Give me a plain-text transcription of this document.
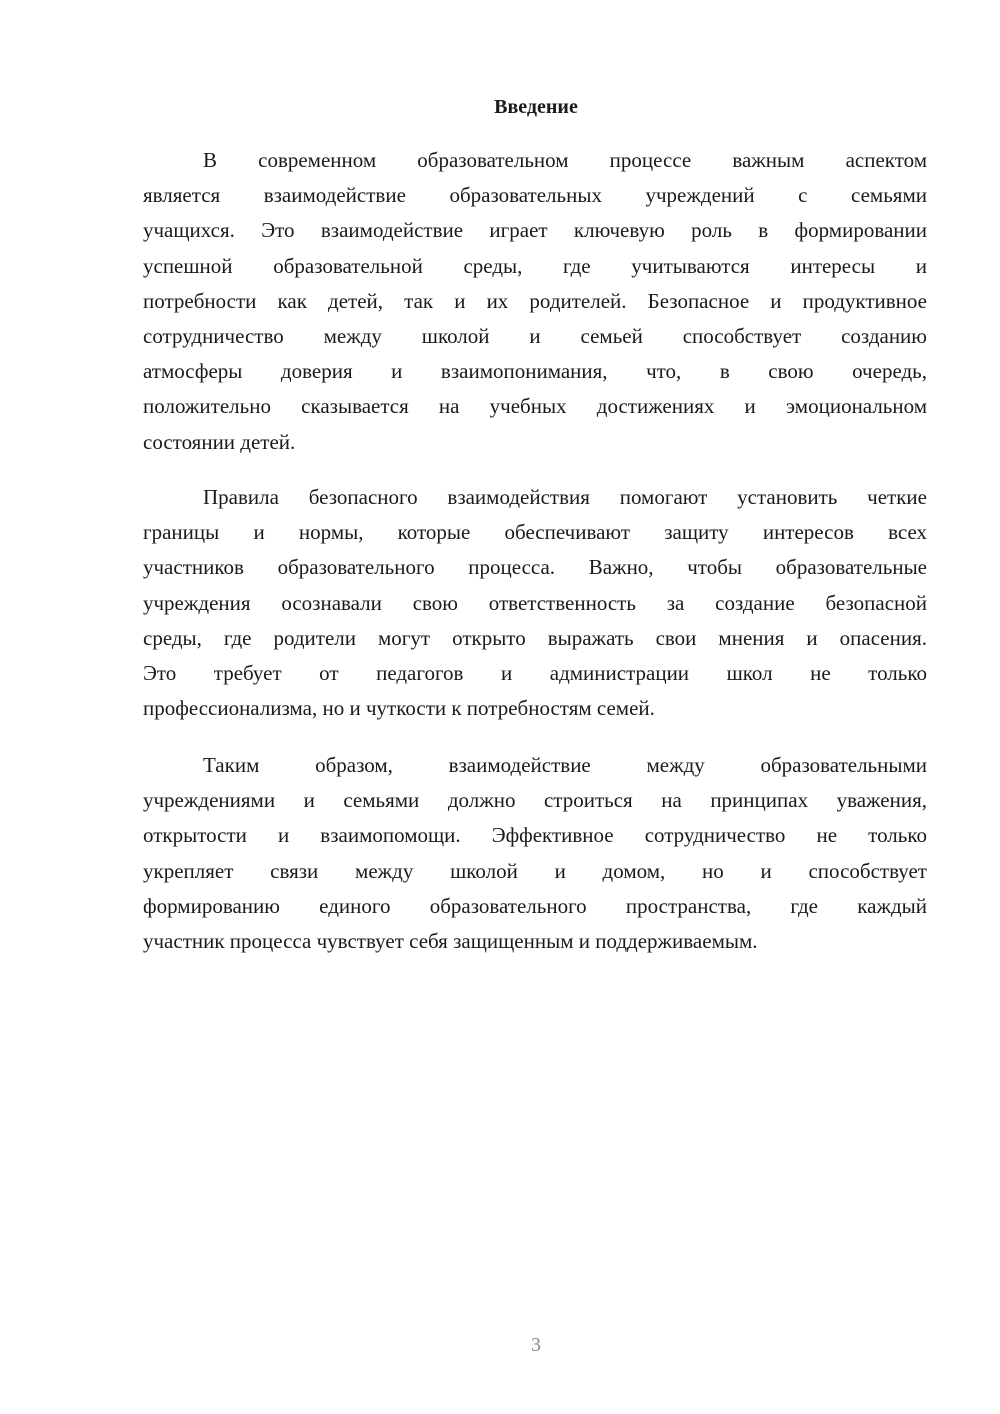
Введение
В современном образовательном процессе важным аспектом
является взаимодействие образовательных учреждений с семьями
учащихся. Это взаимодействие играет ключевую роль в формировании
успешной образовательной среды, где учитываются интересы и
потребности как детей, так и их родителей. Безопасное и продуктивное
сотрудничество между школой и семьей способствует созданию
атмосферы доверия и взаимопонимания, что, в свою очередь,
положительно сказывается на учебных достижениях и эмоциональном
состоянии детей.
Правила безопасного взаимодействия помогают установить четкие
границы и нормы, которые обеспечивают защиту интересов всех
участников образовательного процесса. Важно, чтобы образовательные
учреждения осознавали свою ответственность за создание безопасной
среды, где родители могут открыто выражать свои мнения и опасения.
Это требует от педагогов и администрации школ не только
профессионализма, но и чуткости к потребностям семей.
Таким образом, взаимодействие между образовательными
учреждениями и семьями должно строиться на принципах уважения,
открытости и взаимопомощи. Эффективное сотрудничество не только
укрепляет связи между школой и домом, но и способствует
формированию единого образовательного пространства, где каждый
участник процесса чувствует себя защищенным и поддерживаемым.
3
